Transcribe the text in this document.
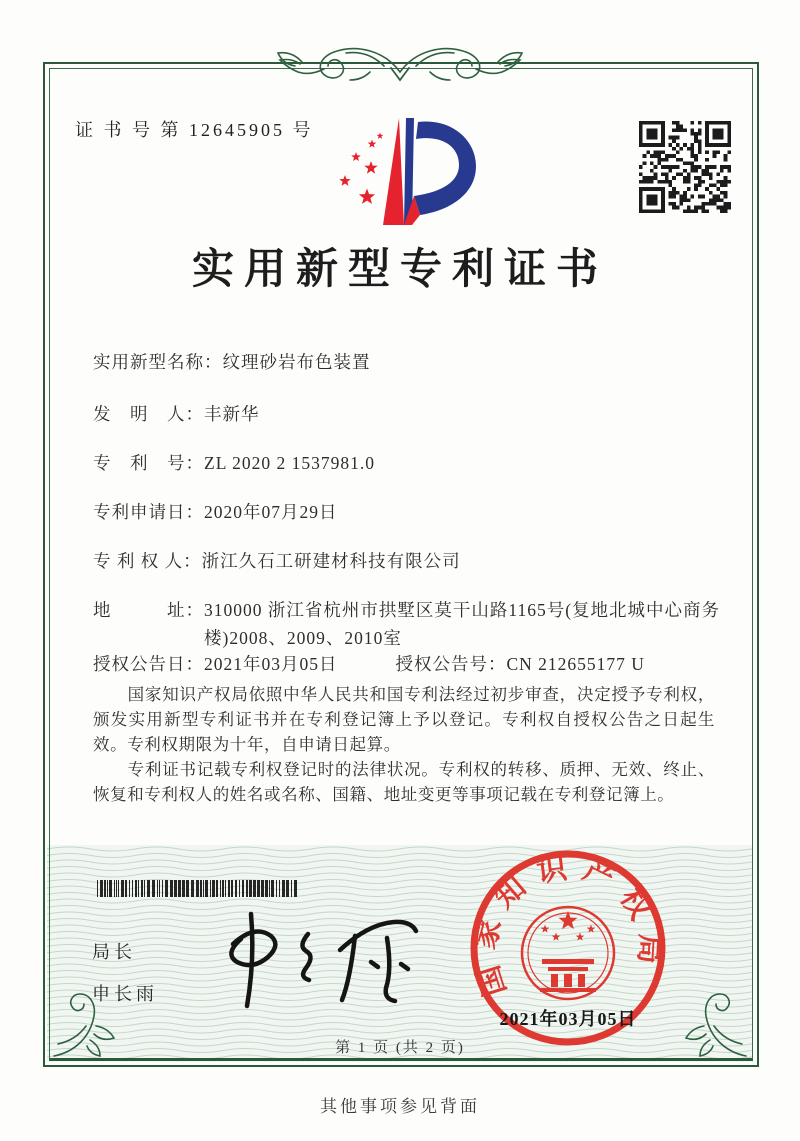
证 书 号 第 12645905 号
实用新型专利证书
实用新型名称： 纹理砂岩布色装置
发　明　人： 丰新华
专　利　号： ZL 2020 2 1537981.0
专利申请日： 2020年07月29日
专 利 权 人： 浙江久石工研建材科技有限公司
地　　　址： 310000 浙江省杭州市拱墅区莫干山路1165号(复地北城中心商务楼)2008、2009、2010室
授权公告日： 2021年03月05日	授权公告号： CN 212655177 U
国家知识产权局依照中华人民共和国专利法经过初步审查，决定授予专利权，颁发实用新型专利证书并在专利登记簿上予以登记。专利权自授权公告之日起生效。专利权期限为十年，自申请日起算。
专利证书记载专利权登记时的法律状况。专利权的转移、质押、无效、终止、恢复和专利权人的姓名或名称、国籍、地址变更等事项记载在专利登记簿上。
局长
申长雨	国家知识产权局
2021年03月05日
第 1 页 (共 2 页)
其他事项参见背面
